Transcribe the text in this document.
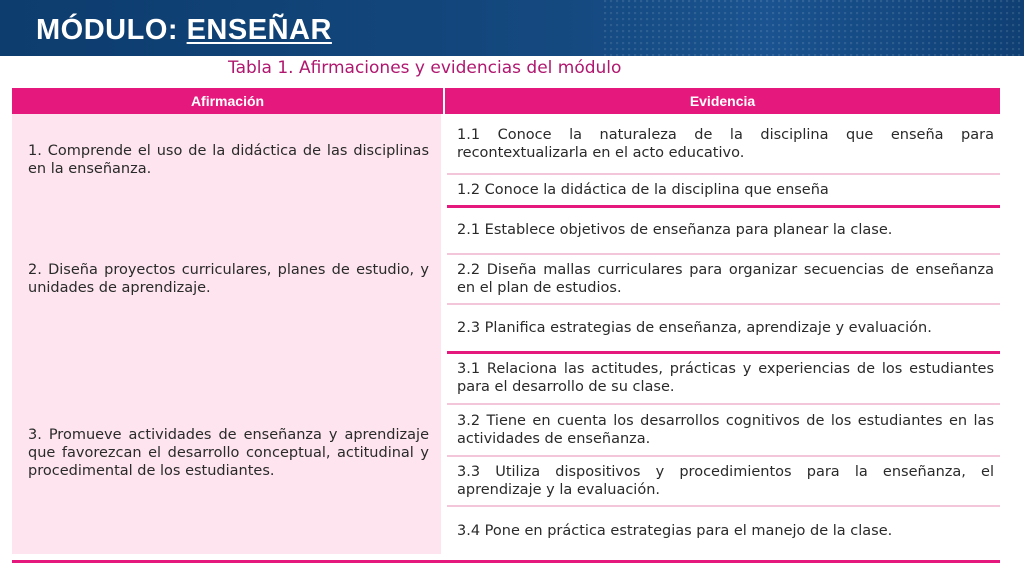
MÓDULO: ENSEÑAR
Tabla 1. Afirmaciones y evidencias del módulo
Afirmación	Evidencia
1. Comprende el uso de la didáctica de las disciplinas en la enseñanza.	1.1 Conoce la naturaleza de la disciplina que enseña para recontextualizarla en el acto educativo.
	1.2 Conoce la didáctica de la disciplina que enseña
2. Diseña proyectos curriculares, planes de estudio, y unidades de aprendizaje.	2.1 Establece objetivos de enseñanza para planear la clase.
	2.2 Diseña mallas curriculares para organizar secuencias de enseñanza en el plan de estudios.
	2.3 Planifica estrategias de enseñanza, aprendizaje y evaluación.
3. Promueve actividades de enseñanza y aprendizaje que favorezcan el desarrollo conceptual, actitudinal y procedimental de los estudiantes.	3.1 Relaciona las actitudes, prácticas y experiencias de los estudiantes para el desarrollo de su clase.
	3.2 Tiene en cuenta los desarrollos cognitivos de los estudiantes en las actividades de enseñanza.
	3.3 Utiliza dispositivos y procedimientos para la enseñanza, el aprendizaje y la evaluación.
	3.4 Pone en práctica estrategias para el manejo de la clase.
